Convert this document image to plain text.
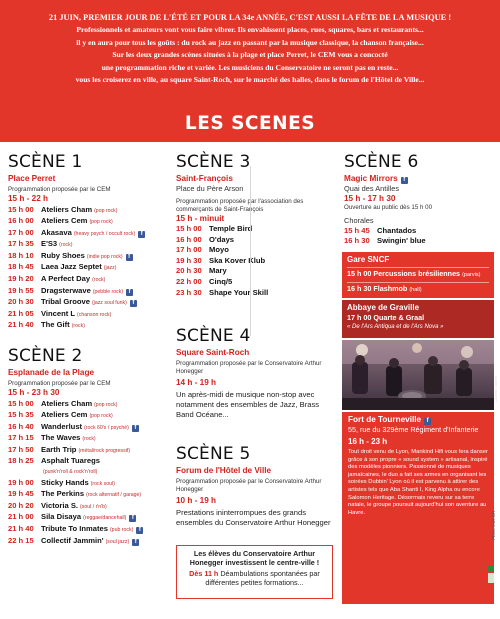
21 JUIN, PREMIER JOUR DE L'ÉTÉ ET POUR LA 34e ANNÉE, C'EST AUSSI LA FÊTE DE LA MUSIQUE !
Professionnels et amateurs vont vous faire vibrer. Ils envahissent places, rues, squares, bars et restaurants...
il y en aura pour tous les goûts : du rock au jazz en passant par la musique classique, la chanson française...
Sur les deux grandes scènes situées à la plage et place Perret, le CEM vous a concocté
une programmation riche et variée. Les musiciens du Conservatoire ne seront pas en reste...
vous les croiserez en ville, au square Saint-Roch, sur le marché des halles, dans le forum de l'Hôtel de Ville...
LES SCENES
SCÈNE 1
Place Perret
Programmation proposée par le CEM
15 h - 22 h
15 h 00 Ateliers Cham (pop rock)
16 h 00 Ateliers Cem (pop rock)
17 h 00 Akasava (heavy psych / occult rock) f
17 h 35 E'S3 (rock)
18 h 10 Ruby Shoes (indie pop rock) f
18 h 45 Laea Jazz Septet (jazz)
19 h 20 A Perfect Day (rock)
19 h 55 Dragsterwave (pebble rock) f
20 h 30 Tribal Groove (jazz soul funk) f
21 h 05 Vincent L (chanson rock)
21 h 40 The Gift (rock)
SCÈNE 2
Esplanade de la Plage
Programmation proposée par le CEM
15 h - 23 h 30
15 h 00 Ateliers Cham (pop rock)
15 h 35 Ateliers Cem (pop rock)
16 h 40 Wanderlust (rock 60's / psyché) f
17 h 15 The Waves (rock)
17 h 50 Earth Trip (métal/rock progressif)
18 h 25 Asphalt Tuaregs
(punk'n'roll & rock'n'roll)
19 h 00 Sticky Hands (rock soul)
19 h 45 The Perkins (rock alternatif / garage)
20 h 20 Victoria S. (soul / r'n'b)
21 h 00 Sila Disaya (reggae/dancehall) f
21 h 40 Tribute To Inmates (pub rock) f
22 h 15 Collectif Jammin' (soul jazz) f
SCÈNE 3
Saint-François
Place du Père Arson
Programmation proposée par l'association des commerçants de Saint-François
15 h - minuit
15 h 00 Temple Bird
16 h 00 O'days
17 h 00 Moyo
19 h 30 Ska Kover Klub
20 h 30 Mary
22 h 00 Cinq/5
23 h 30 Shape Your Skill
SCÈNE 4
Square Saint-Roch
Programmation proposée par le Conservatoire Arthur Honegger
14 h - 19 h
Un après-midi de musique non-stop avec notamment des ensembles de Jazz, Brass Band Océane...
SCÈNE 5
Forum de l'Hôtel de Ville
Programmation proposée par le Conservatoire Arthur Honegger
10 h - 19 h
Prestations ininterrompues des grands ensembles du Conservatoire Arthur Honegger
Les élèves du Conservatoire Arthur Honegger investissent le centre-ville !
Dès 11 h Déambulations spontanées par différentes petites formations...
SCÈNE 6
Magic Mirrors f
Quai des Antilles
15 h - 17 h 30
Ouverture au public dès 15 h 00
Chorales
15 h 45 Chantados
16 h 30 Swingin' blue
Gare SNCF
15 h 00 Percussions brésiliennes (parvis)
16 h 30 Flashmob (hall)
Abbaye de Graville
17 h 00 Quarte & Graal
« De l'Ars Antiqua et de l'Ars Nova »
Laurent Vabert
Fort de Tourneville f
55, rue du 329ème Régiment d'Infanterie
16 h - 23 h
Tout droit venu de Lyon, Mankind Hifi vous fera danser grâce à son propre « sound system » artisanal, inspiré des modèles pionniers. Passionné de musiques jamaïcaines, le duo a fait ses armes en organisant les soirées Dubbin' Lyon où il est parvenu à attirer des artistes tels que Aba Shanti I, King Alpha ou encore Salomon Heritage. Désormais reveru sur sa terre natale, le groupe poursuit aujourd'hui son aventure au Havre.	Photo tous DR
